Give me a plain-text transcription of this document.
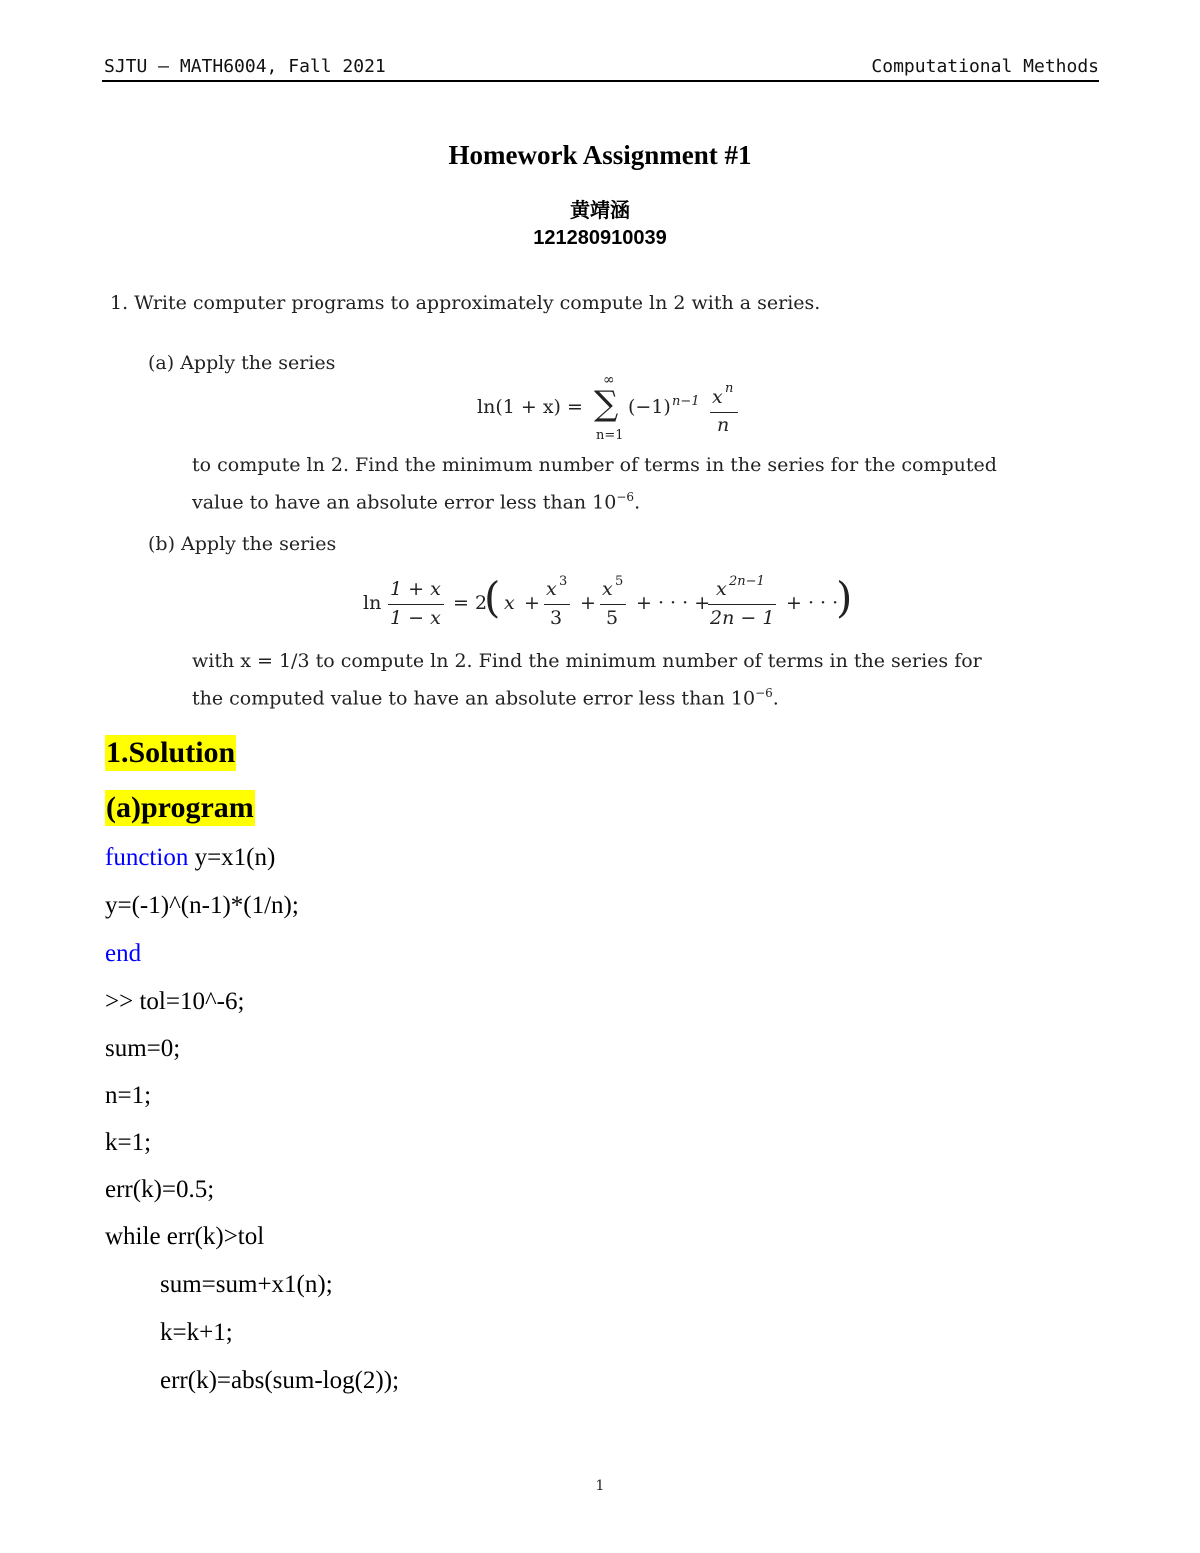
SJTU — MATH6004, Fall 2021	Computational Methods
Homework Assignment #1
黄靖涵
121280910039
1. Write computer programs to approximately compute ln 2 with a series.
(a) Apply the series
ln(1 + x) =
∞
∑
n=1
(−1) n−1 x n
n
to compute ln 2. Find the minimum number of terms in the series for the computed
value to have an absolute error less than $10^{-6}$.
(b) Apply the series
ln
1 + x
1 − x
= 2
( x +
x 3
3
+
x 5
5
+ · · · +
x 2n−1
2n − 1
+ · · ·
)
with x = 1/3 to compute ln 2. Find the minimum number of terms in the series for
the computed value to have an absolute error less than $10^{-6}$.
1.Solution
(a)program
function y=x1(n)
y=(-1)^(n-1)*(1/n);
end
>> tol=10^-6;
sum=0;
n=1;
k=1;
err(k)=0.5;
while err(k)>tol
sum=sum+x1(n);
k=k+1;
err(k)=abs(sum-log(2));
1
